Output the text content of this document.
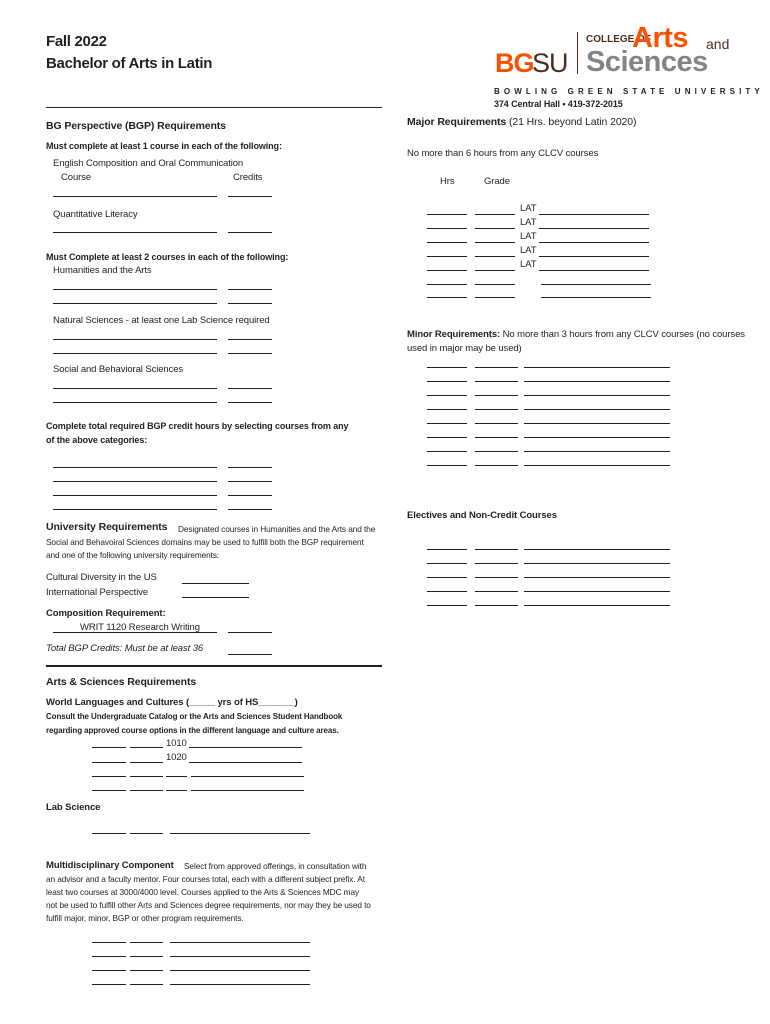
Fall 2022
Bachelor of Arts in Latin	BG
SU
COLLEGE OF
Arts and
Sciences
BOWLING GREEN STATE UNIVERSITY
374 Central Hall • 419-372-2015
BG Perspective (BGP) Requirements
Must complete at least 1 course in each of the following:
English Composition and Oral Communication
Course	Credits
Quantitative Literacy
Must Complete at least 2 courses in each of the following:
Humanities and the Arts
Natural Sciences - at least one Lab Science required
Social and Behavioral Sciences
Complete total required BGP credit hours by selecting courses from any
of the above categories:
University Requirements Designated courses in Humanities and the Arts and the
Social and Behavoiral Sciences domains may be used to fulfill both the BGP requirement
and one of the following university requirements:
Cultural Diversity in the US
International Perspective
Composition Requirement:
WRIT 1120 Research Writing
Total BGP Credits: Must be at least 36
Arts & Sciences Requirements
World Languages and Cultures (_____ yrs of HS_______)
Consult the Undergraduate Catalog or the Arts and Sciences Student Handbook
regarding approved course options in the different language and culture areas.
1010
1020
Lab Science
Multidisciplinary Component Select from approved offerings, in consultation with
an advisor and a faculty mentor. Four courses total, each with a different subject prefix. At
least two courses at 3000/4000 level. Courses applied to the Arts & Sciences MDC may
not be used to fulfill other Arts and Sciences degree requirements, nor may they be used to
fulfill major, minor, BGP or other program requirements.
Major Requirements (21 Hrs. beyond Latin 2020)
No more than 6 hours from any CLCV courses
Hrs	Grade
LAT
LAT
LAT
LAT
LAT
Minor Requirements: No more than 3 hours from any CLCV courses (no courses
used in major may be used)
Electives and Non-Credit Courses
